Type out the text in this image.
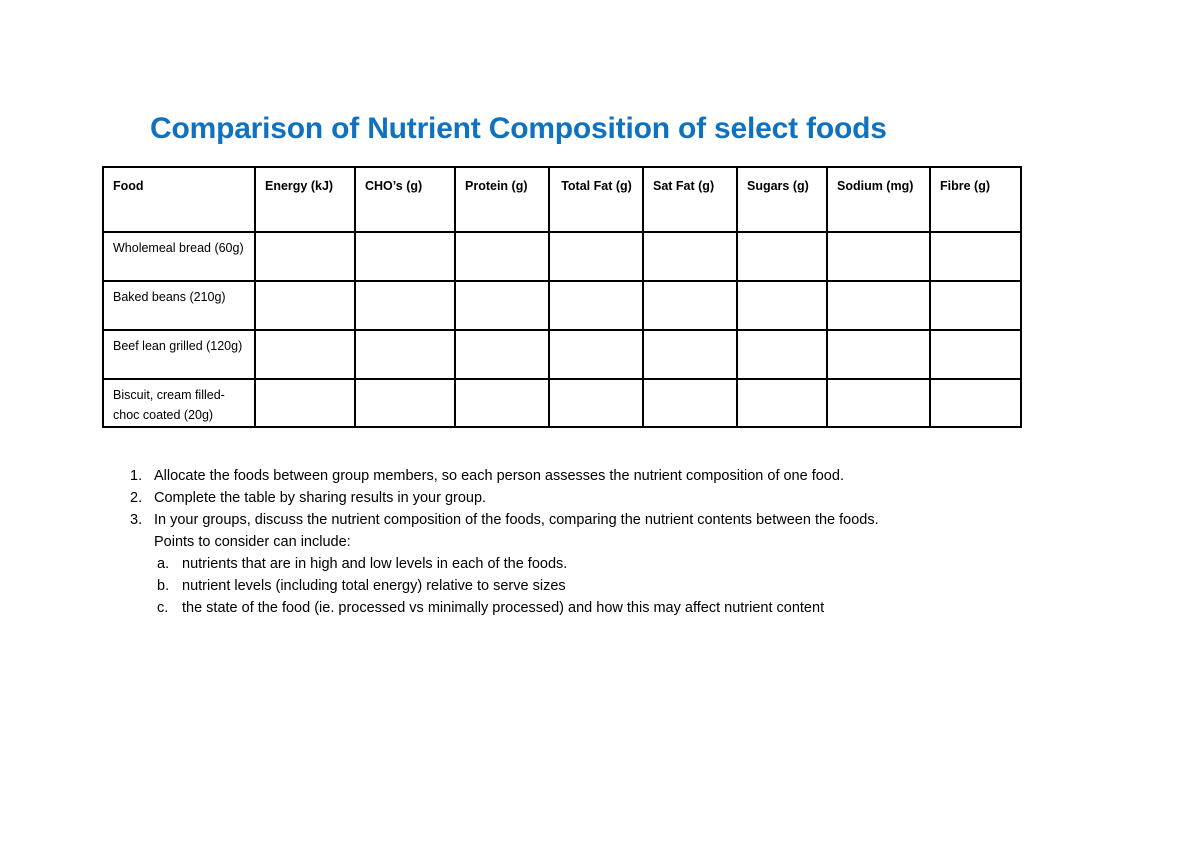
Comparison of Nutrient Composition of select foods
Food	Energy (kJ)	CHO’s (g)	Protein (g)	Total Fat (g)	Sat Fat (g)	Sugars (g)	Sodium (mg)	Fibre (g)
Wholemeal bread (60g)								
Baked beans (210g)								
Beef lean grilled (120g)								
Biscuit, cream filled-choc coated (20g)								
1. Allocate the foods between group members, so each person assesses the nutrient composition of one food.
2. Complete the table by sharing results in your group.
3. In your groups, discuss the nutrient composition of the foods, comparing the nutrient contents between the foods.
Points to consider can include:
a. nutrients that are in high and low levels in each of the foods.
b. nutrient levels (including total energy) relative to serve sizes
c. the state of the food (ie. processed vs minimally processed) and how this may affect nutrient content
